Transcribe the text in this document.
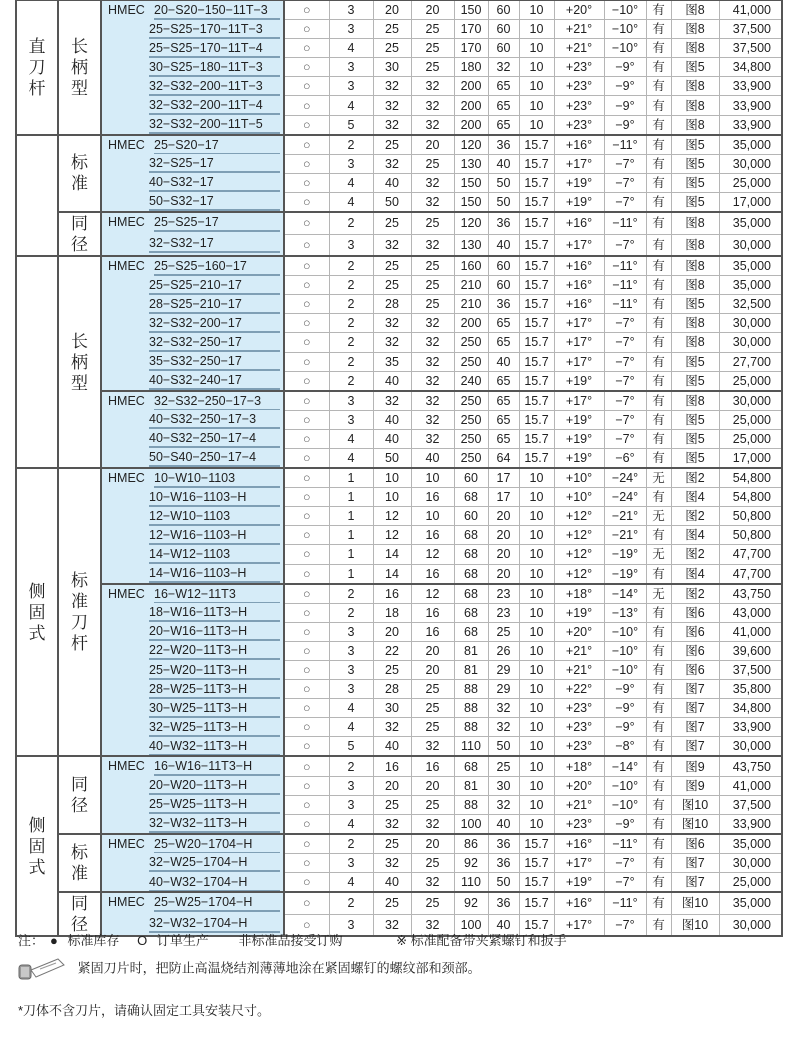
直刀杆	长柄型	HMEC 20−S20−150−11T−3	○	3	20	20	150	60	10	+20°	−10°	有	图8	41,000

		25−S25−170−11T−3	○	3	25	25	170	60	10	+21°	−10°	有	图8	37,500

		25−S25−170−11T−4	○	4	25	25	170	60	10	+21°	−10°	有	图8	37,500

		30−S25−180−11T−3	○	3	30	25	180	32	10	+23°	−9°	有	图5	34,800

		32−S32−200−11T−3	○	3	32	32	200	65	10	+23°	−9°	有	图8	33,900

		32−S32−200−11T−4	○	4	32	32	200	65	10	+23°	−9°	有	图8	33,900

		32−S32−200−11T−5	○	5	32	32	200	65	10	+23°	−9°	有	图8	33,900
	标准	HMEC 25−S20−17	○	2	25	20	120	36	15.7	+16°	−11°	有	图5	35,000

		32−S25−17	○	3	32	25	130	40	15.7	+17°	−7°	有	图5	30,000

		40−S32−17	○	4	40	32	150	50	15.7	+19°	−7°	有	图5	25,000

		50−S32−17	○	4	50	32	150	50	15.7	+19°	−7°	有	图5	17,000
	同径	HMEC 25−S25−17	○	2	25	25	120	36	15.7	+16°	−11°	有	图8	35,000

		32−S32−17	○	3	32	32	130	40	15.7	+17°	−7°	有	图8	30,000
	长柄型	HMEC 25−S25−160−17	○	2	25	25	160	60	15.7	+16°	−11°	有	图8	35,000

		25−S25−210−17	○	2	25	25	210	60	15.7	+16°	−11°	有	图8	35,000

		28−S25−210−17	○	2	28	25	210	36	15.7	+16°	−11°	有	图5	32,500

		32−S32−200−17	○	2	32	32	200	65	15.7	+17°	−7°	有	图8	30,000

		32−S32−250−17	○	2	32	32	250	65	15.7	+17°	−7°	有	图8	30,000

		35−S32−250−17	○	2	35	32	250	40	15.7	+17°	−7°	有	图5	27,700

		40−S32−240−17	○	2	40	32	240	65	15.7	+19°	−7°	有	图5	25,000

		HMEC 32−S32−250−17−3	○	3	32	32	250	65	15.7	+17°	−7°	有	图8	30,000

		40−S32−250−17−3	○	3	40	32	250	65	15.7	+19°	−7°	有	图5	25,000

		40−S32−250−17−4	○	4	40	32	250	65	15.7	+19°	−7°	有	图5	25,000

		50−S40−250−17−4	○	4	50	40	250	64	15.7	+19°	−6°	有	图5	17,000
侧固式	标准刀杆	HMEC 10−W10−1103	○	1	10	10	60	17	10	+10°	−24°	无	图2	54,800

		10−W16−1103−H	○	1	10	16	68	17	10	+10°	−24°	有	图4	54,800

		12−W10−1103	○	1	12	10	60	20	10	+12°	−21°	无	图2	50,800

		12−W16−1103−H	○	1	12	16	68	20	10	+12°	−21°	有	图4	50,800

		14−W12−1103	○	1	14	12	68	20	10	+12°	−19°	无	图2	47,700

		14−W16−1103−H	○	1	14	16	68	20	10	+12°	−19°	有	图4	47,700

		HMEC 16−W12−11T3	○	2	16	12	68	23	10	+18°	−14°	无	图2	43,750

		18−W16−11T3−H	○	2	18	16	68	23	10	+19°	−13°	有	图6	43,000

		20−W16−11T3−H	○	3	20	16	68	25	10	+20°	−10°	有	图6	41,000

		22−W20−11T3−H	○	3	22	20	81	26	10	+21°	−10°	有	图6	39,600

		25−W20−11T3−H	○	3	25	20	81	29	10	+21°	−10°	有	图6	37,500

		28−W25−11T3−H	○	3	28	25	88	29	10	+22°	−9°	有	图7	35,800

		30−W25−11T3−H	○	4	30	25	88	32	10	+23°	−9°	有	图7	34,800

		32−W25−11T3−H	○	4	32	25	88	32	10	+23°	−9°	有	图7	33,900

		40−W32−11T3−H	○	5	40	32	110	50	10	+23°	−8°	有	图7	30,000
侧固式	同径	HMEC 16−W16−11T3−H	○	2	16	16	68	25	10	+18°	−14°	有	图9	43,750

		20−W20−11T3−H	○	3	20	20	81	30	10	+20°	−10°	有	图9	41,000

		25−W25−11T3−H	○	3	25	25	88	32	10	+21°	−10°	有	图10	37,500

		32−W32−11T3−H	○	4	32	32	100	40	10	+23°	−9°	有	图10	33,900
	标准	HMEC 25−W20−1704−H	○	2	25	20	86	36	15.7	+16°	−11°	有	图6	35,000

		32−W25−1704−H	○	3	32	25	92	36	15.7	+17°	−7°	有	图7	30,000

		40−W32−1704−H	○	4	40	32	110	50	15.7	+19°	−7°	有	图7	25,000
	同径	HMEC 25−W25−1704−H	○	2	25	25	92	36	15.7	+16°	−11°	有	图10	35,000

		32−W32−1704−H	○	3	32	32	100	40	15.7	+17°	−7°	有	图10	30,000
注： ● 标准库存 O 订单生产 非标准品接受订购	※ 标准配备带夹紧螺钉和扳手
紧固刀片时，把防止高温烧结剂薄薄地涂在紧固螺钉的螺纹部和颈部。
*刀体不含刀片，请确认固定工具安装尺寸。
